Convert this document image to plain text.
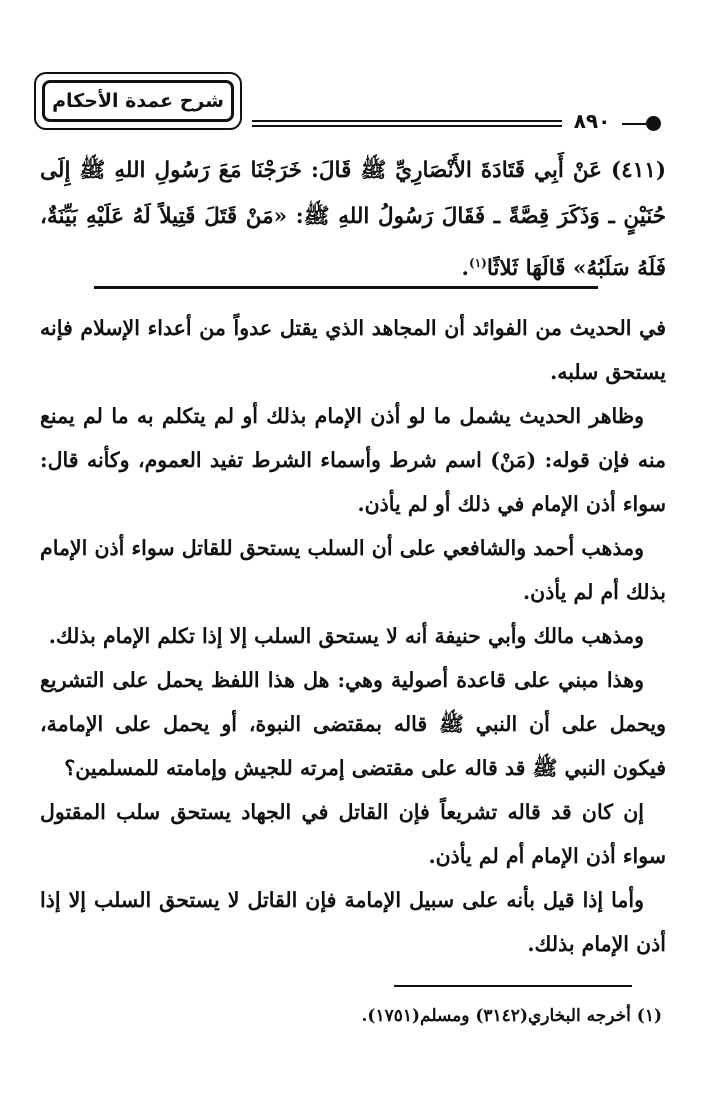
شرح عمدة الأحكام
٨٩٠
(٤١١) عَنْ أَبِي قَتَادَةَ الأَنْصَارِيِّ ﷺ قَالَ: خَرَجْنَا مَعَ رَسُولِ اللهِ ﷺ إِلَى حُنَيْنٍ ـ وَذَكَرَ قِصَّةً ـ فَقَالَ رَسُولُ اللهِ ﷺ: «مَنْ قَتَلَ قَتِيلاً لَهُ عَلَيْهِ بَيِّنَةٌ، فَلَهُ سَلَبُهُ» قَالَهَا ثَلاثًا$^{(١)}$.

في الحديث من الفوائد أن المجاهد الذي يقتل عدواً من أعداء الإسلام فإنه يستحق سلبه.

وظاهر الحديث يشمل ما لو أذن الإمام بذلك أو لم يتكلم به ما لم يمنع منه فإن قوله: (مَنْ) اسم شرط وأسماء الشرط تفيد العموم، وكأنه قال: سواء أذن الإمام في ذلك أو لم يأذن.

ومذهب أحمد والشافعي على أن السلب يستحق للقاتل سواء أذن الإمام بذلك أم لم يأذن.

ومذهب مالك وأبي حنيفة أنه لا يستحق السلب إلا إذا تكلم الإمام بذلك.

وهذا مبني على قاعدة أصولية وهي: هل هذا اللفظ يحمل على التشريع ويحمل على أن النبي ﷺ قاله بمقتضى النبوة، أو يحمل على الإمامة، فيكون النبي ﷺ قد قاله على مقتضى إمرته للجيش وإمامته للمسلمين؟

إن كان قد قاله تشريعاً فإن القاتل في الجهاد يستحق سلب المقتول سواء أذن الإمام أم لم يأذن.

وأما إذا قيل بأنه على سبيل الإمامة فإن القاتل لا يستحق السلب إلا إذا أذن الإمام بذلك.

(١) أخرجه البخاري(٣١٤٢) ومسلم(١٧٥١).
